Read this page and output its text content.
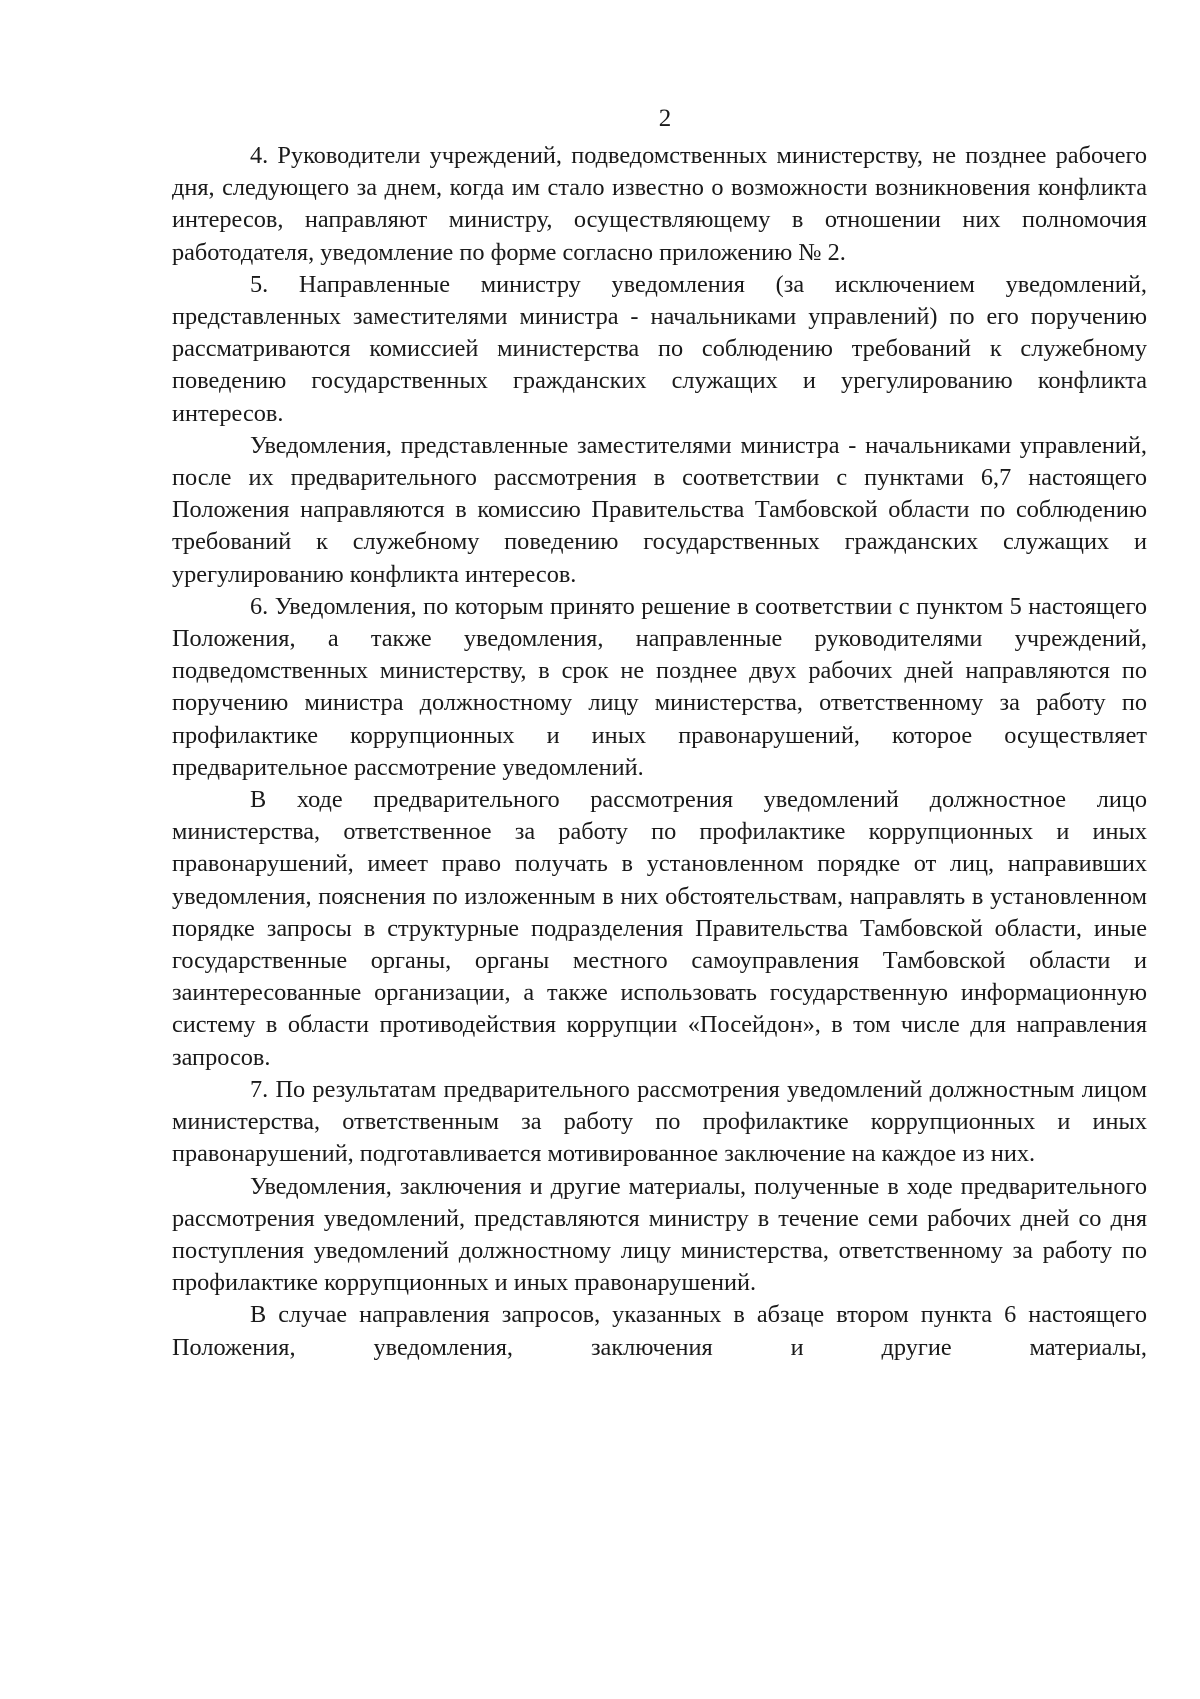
2

4. Руководители учреждений, подведомственных министерству, не позднее рабочего дня, следующего за днем, когда им стало известно о возможности возникновения конфликта интересов, направляют министру, осуществляющему в отношении них полномочия работодателя, уведомление по форме согласно приложению № 2.

5. Направленные министру уведомления (за исключением уведомлений, представленных заместителями министра - начальниками управлений) по его поручению рассматриваются комиссией министерства по соблюдению требований к служебному поведению государственных гражданских служащих и урегулированию конфликта интересов.

Уведомления, представленные заместителями министра - начальниками управлений, после их предварительного рассмотрения в соответствии с пунктами 6,7 настоящего Положения направляются в комиссию Правительства Тамбовской области по соблюдению требований к служебному поведению государственных гражданских служащих и урегулированию конфликта интересов.

6. Уведомления, по которым принято решение в соответствии с пунктом 5 настоящего Положения, а также уведомления, направленные руководителями учреждений, подведомственных министерству, в срок не позднее двух рабочих дней направляются по поручению министра должностному лицу министерства, ответственному за работу по профилактике коррупционных и иных правонарушений, которое осуществляет предварительное рассмотрение уведомлений.

В ходе предварительного рассмотрения уведомлений должностное лицо министерства, ответственное за работу по профилактике коррупционных и иных правонарушений, имеет право получать в установленном порядке от лиц, направивших уведомления, пояснения по изложенным в них обстоятельствам, направлять в установленном порядке запросы в структурные подразделения Правительства Тамбовской области, иные государственные органы, органы местного самоуправления Тамбовской области и заинтересованные организации, а также использовать государственную информационную систему в области противодействия коррупции «Посейдон», в том числе для направления запросов.

7. По результатам предварительного рассмотрения уведомлений должностным лицом министерства, ответственным за работу по профилактике коррупционных и иных правонарушений, подготавливается мотивированное заключение на каждое из них.

Уведомления, заключения и другие материалы, полученные в ходе предварительного рассмотрения уведомлений, представляются министру в течение семи рабочих дней со дня поступления уведомлений должностному лицу министерства, ответственному за работу по профилактике коррупционных и иных правонарушений.

В случае направления запросов, указанных в абзаце втором пункта 6 настоящего Положения, уведомления, заключения и другие материалы,
